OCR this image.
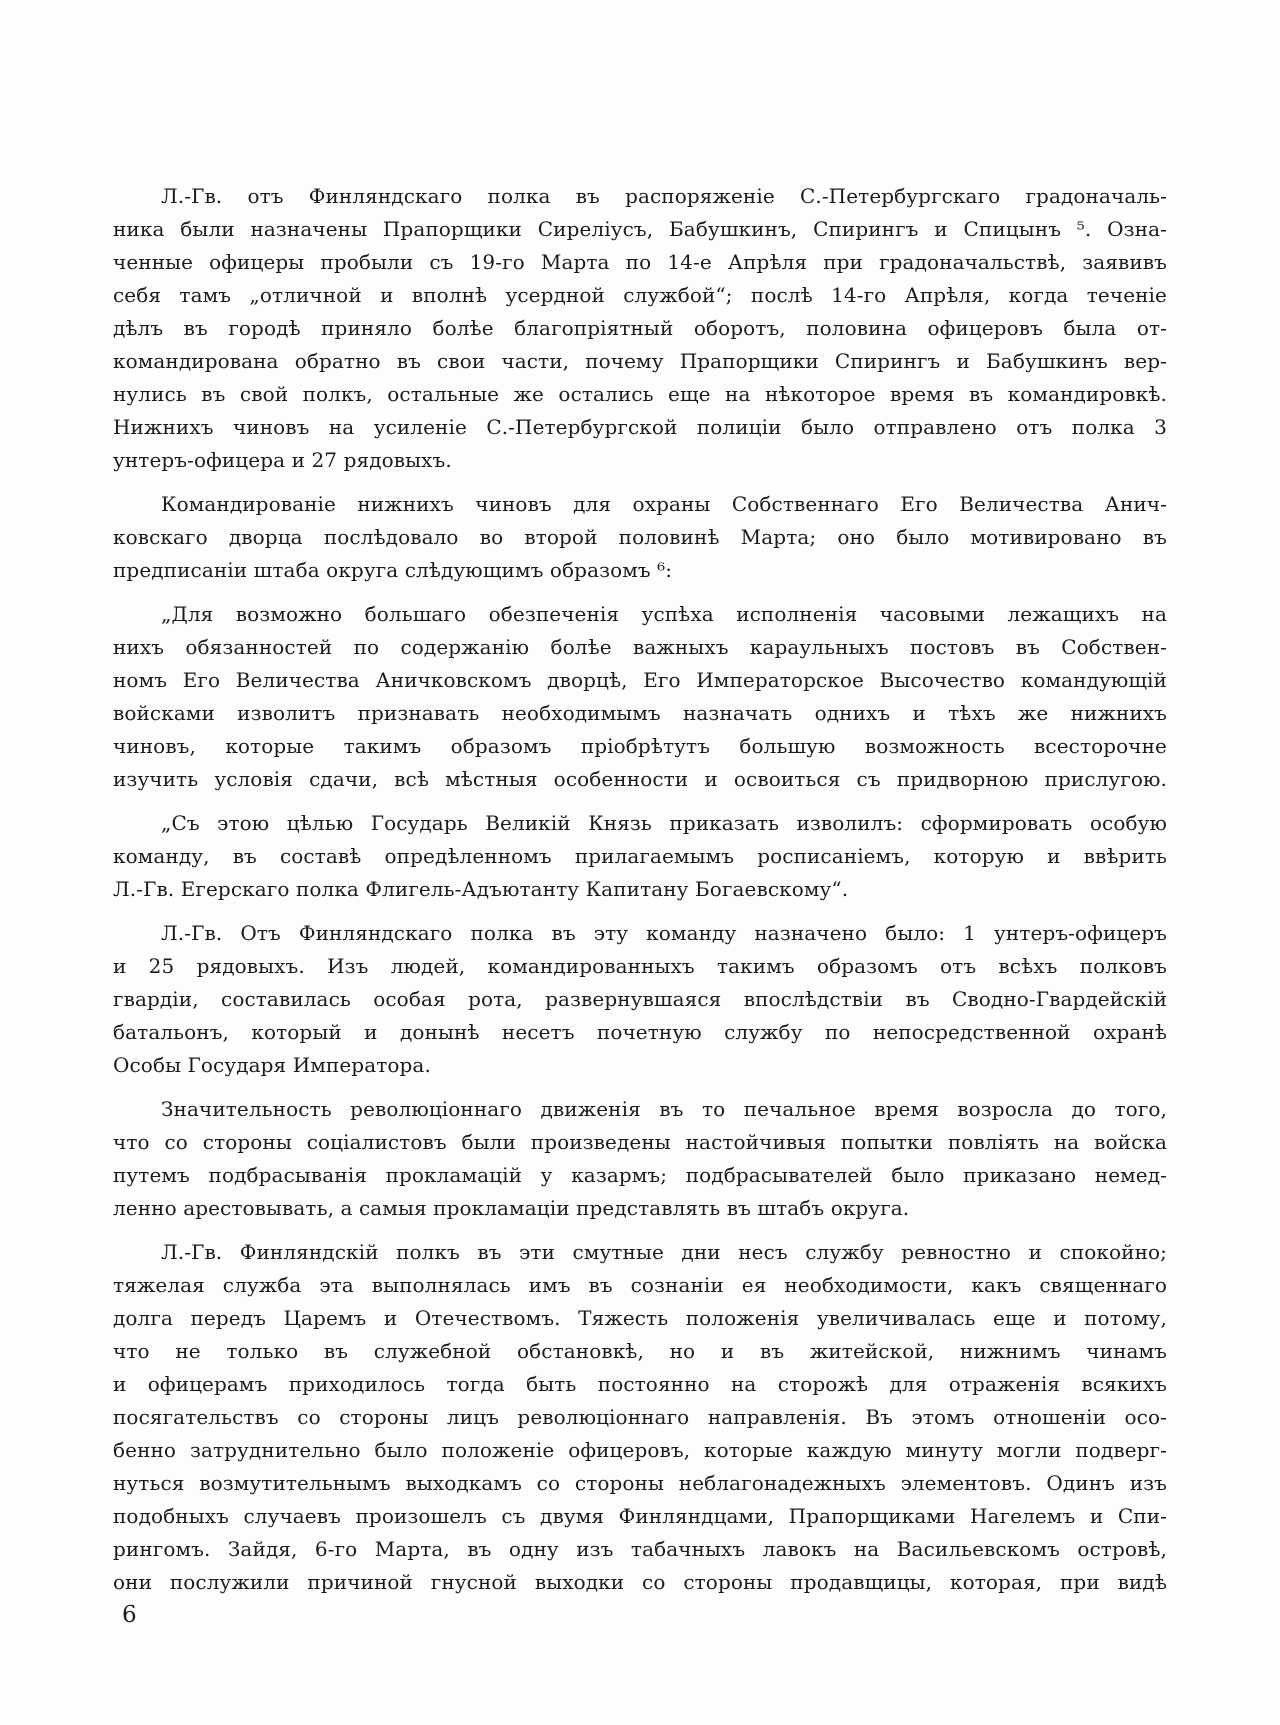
Л.-Гв. отъ Финляндскаго полка въ распоряженіе С.-Петербургскаго градоначаль-
ника были назначены Прапорщики Сиреліусъ, Бабушкинъ, Спирингъ и Спицынъ ⁵. Озна-
ченные офицеры пробыли съ 19-го Марта по 14-е Апрѣля при градоначальствѣ, заявивъ
себя тамъ „отличной и вполнѣ усердной службой“; послѣ 14-го Апрѣля, когда теченіе
дѣлъ въ городѣ приняло болѣе благопріятный оборотъ, половина офицеровъ была от-
командирована обратно въ свои части, почему Прапорщики Спирингъ и Бабушкинъ вер-
нулись въ свой полкъ, остальные же остались еще на нѣкоторое время въ командировкѣ.
Нижнихъ чиновъ на усиленіе С.-Петербургской полиціи было отправлено отъ полка 3
унтеръ-офицера и 27 рядовыхъ.
Командированіе нижнихъ чиновъ для охраны Собственнаго Его Величества Анич-
ковскаго дворца послѣдовало во второй половинѣ Марта; оно было мотивировано въ
предписаніи штаба округа слѣдующимъ образомъ ⁶:
„Для возможно большаго обезпеченія успѣха исполненія часовыми лежащихъ на
нихъ обязанностей по содержанію болѣе важныхъ караульныхъ постовъ въ Собствен-
номъ Его Величества Аничковскомъ дворцѣ, Его Императорское Высочество командующій
войсками изволитъ признавать необходимымъ назначать однихъ и тѣхъ же нижнихъ
чиновъ, которые такимъ образомъ пріобрѣтутъ большую возможность всесторочне
изучить условія сдачи, всѣ мѣстныя особенности и освоиться съ придворною прислугою.
„Съ этою цѣлью Государь Великій Князь приказать изволилъ: сформировать особую
команду, въ составѣ опредѣленномъ прилагаемымъ росписаніемъ, которую и ввѣрить
Л.-Гв. Егерскаго полка Флигель-Адъютанту Капитану Богаевскому“.
Л.-Гв. Отъ Финляндскаго полка въ эту команду назначено было: 1 унтеръ-офицеръ
и 25 рядовыхъ. Изъ людей, командированныхъ такимъ образомъ отъ всѣхъ полковъ
гвардіи, составилась особая рота, развернувшаяся впослѣдствіи въ Сводно-Гвардейскій
батальонъ, который и донынѣ несетъ почетную службу по непосредственной охранѣ
Особы Государя Императора.
Значительность революціоннаго движенія въ то печальное время возросла до того,
что со стороны соціалистовъ были произведены настойчивыя попытки повліять на войска
путемъ подбрасыванія прокламацій у казармъ; подбрасывателей было приказано немед-
ленно арестовывать, а самыя прокламаціи представлять въ штабъ округа.
Л.-Гв. Финляндскій полкъ въ эти смутные дни несъ службу ревностно и спокойно;
тяжелая служба эта выполнялась имъ въ сознаніи ея необходимости, какъ священнаго
долга передъ Царемъ и Отечествомъ. Тяжесть положенія увеличивалась еще и потому,
что не только въ служебной обстановкѣ, но и въ житейской, нижнимъ чинамъ
и офицерамъ приходилось тогда быть постоянно на сторожѣ для отраженія всякихъ
посягательствъ со стороны лицъ революціоннаго направленія. Въ этомъ отношеніи осо-
бенно затруднительно было положеніе офицеровъ, которые каждую минуту могли подверг-
нуться возмутительнымъ выходкамъ со стороны неблагонадежныхъ элементовъ. Одинъ изъ
подобныхъ случаевъ произошелъ съ двумя Финляндцами, Прапорщиками Нагелемъ и Спи-
рингомъ. Зайдя, 6-го Марта, въ одну изъ табачныхъ лавокъ на Васильевскомъ островѣ,
они послужили причиной гнусной выходки со стороны продавщицы, которая, при видѣ
6
